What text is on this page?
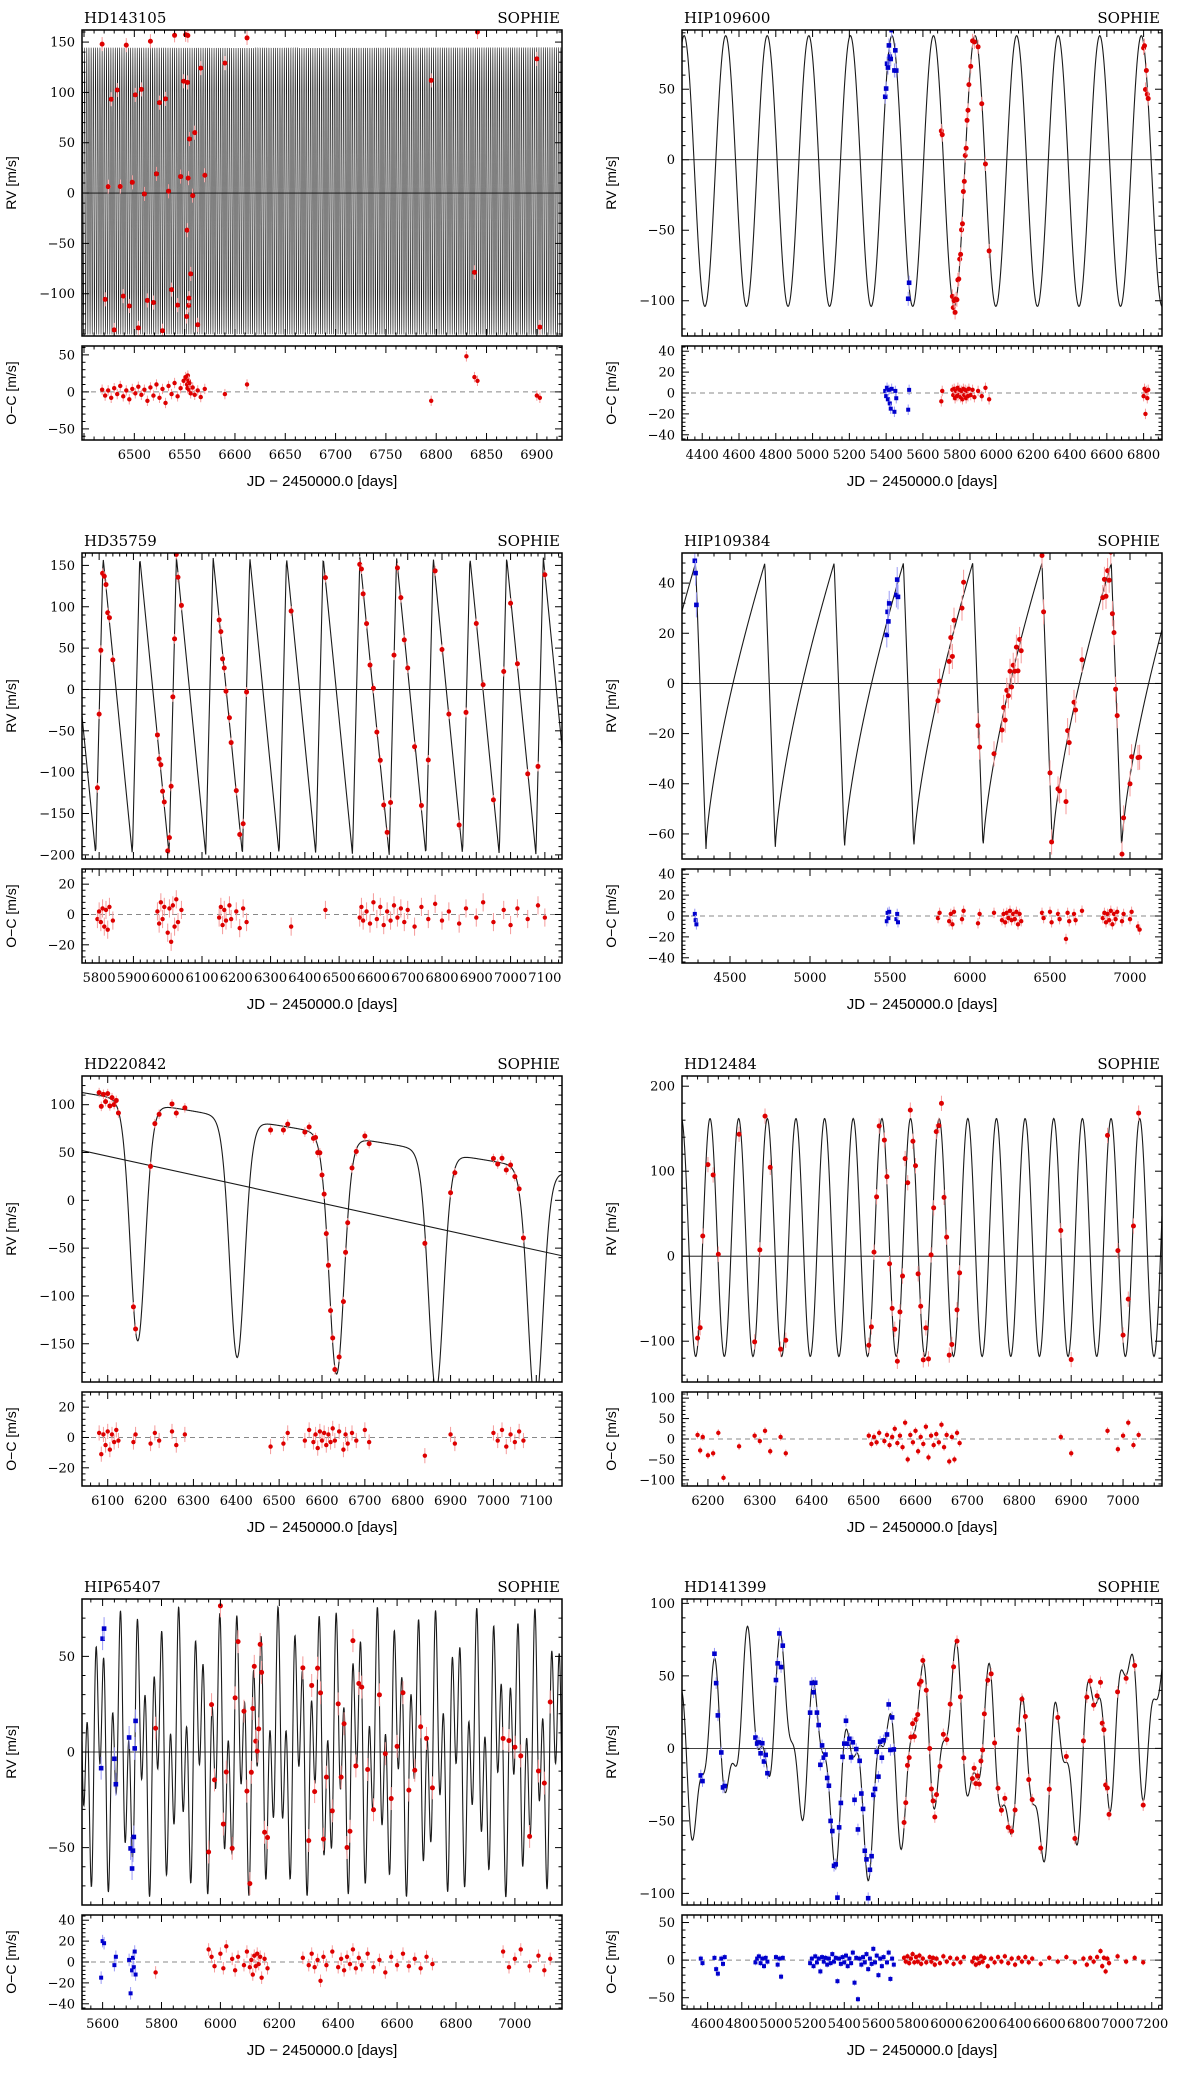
HD143105	SOPHIE
150
100
50
0
−50
−100
RV [m/s]
50
0
−50
O−C [m/s]
6500 6550 6600 6650 6700 6750 6800 6850 6900
JD − 2450000.0 [days]
HIP109600	SOPHIE
50
0
−50
−100
RV [m/s]
40
20
0
−20
−40
O−C [m/s]
4400 4600 4800 5000 5200 5400 5600 5800 6000 6200 6400 6600 6800
JD − 2450000.0 [days]
HD35759	SOPHIE
150
100
50
0
−50
−100
−150
−200
RV [m/s]
20
0
−20
O−C [m/s]
5800 5900 6000 6100 6200 6300 6400 6500 6600 6700 6800 6900 7000 7100
JD − 2450000.0 [days]
HIP109384	SOPHIE
40
20
0
−20
−40
−60
RV [m/s]
40
20
0
−20
−40
O−C [m/s]
4500	5000	5500	6000	6500	7000
JD − 2450000.0 [days]
HD220842	SOPHIE
100
50
0
−50
−100
−150
RV [m/s]
20
0
−20
O−C [m/s]
6100 6200 6300 6400 6500 6600 6700 6800 6900 7000 7100
JD − 2450000.0 [days]
HD12484	SOPHIE
200
100
0
−100
RV [m/s]
100
50
0
−50
−100
O−C [m/s]
6200 6300 6400 6500 6600 6700 6800 6900 7000
JD − 2450000.0 [days]
HIP65407	SOPHIE
50
0
−50
RV [m/s]
40
20
0
−20
−40
O−C [m/s]
5600 5800 6000 6200 6400 6600 6800 7000
JD − 2450000.0 [days]
HD141399	SOPHIE
100
50
0
−50
−100
RV [m/s]
50
0
−50
O−C [m/s]
4600 4800 5000 5200 5400 5600 5800 6000 6200 6400 6600 6800 7000 7200
JD − 2450000.0 [days]
